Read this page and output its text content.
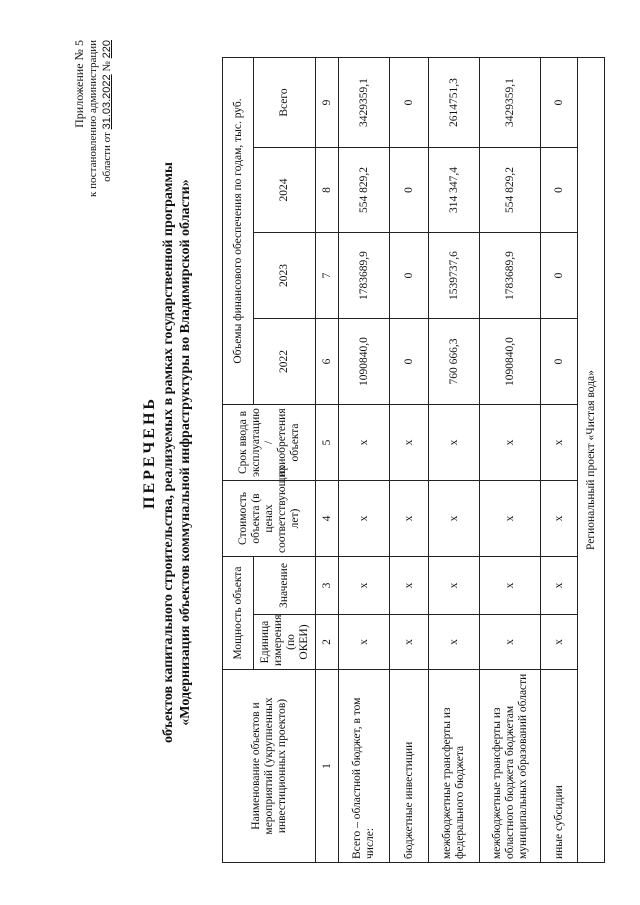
Приложение № 5 к постановлению администрации области от 31.03.2022 № 220
ПЕРЕЧЕНЬ объектов капитального строительства, реализуемых в рамках государственной программы «Модернизация объектов коммунальной инфраструктуры во Владимирской области»
Наименование объектов и мероприятий (укрупненных инвестиционных проектов)	Мощность объекта		Стоимость объекта (в ценах соответствующих лет)	Срок ввода в эксплуатацию / приобретения объекта	Объемы финансового обеспечения по годам, тыс. руб.			
	Единица измерения (по ОКЕИ)	Значение			2022	2023	2024	Всего
1	2	3	4	5	6	7	8	9
Всего – областной бюджет, в том числе:	х	х	х	х	1090840,0	1783689,9	554 829,2	3429359,1
бюджетные инвестиции	х	х	х	х	0	0	0	0
межбюджетные трансферты из федерального бюджета	х	х	х	х	760 666,3	1539737,6	314 347,4	2614751,3
межбюджетные трансферты из областного бюджета бюджетам муниципальных образований области	х	х	х	х	1090840,0	1783689,9	554 829,2	3429359,1
иные субсидии	х	х	х	х	0	0	0	0
Региональный проект «Чистая вода»								
